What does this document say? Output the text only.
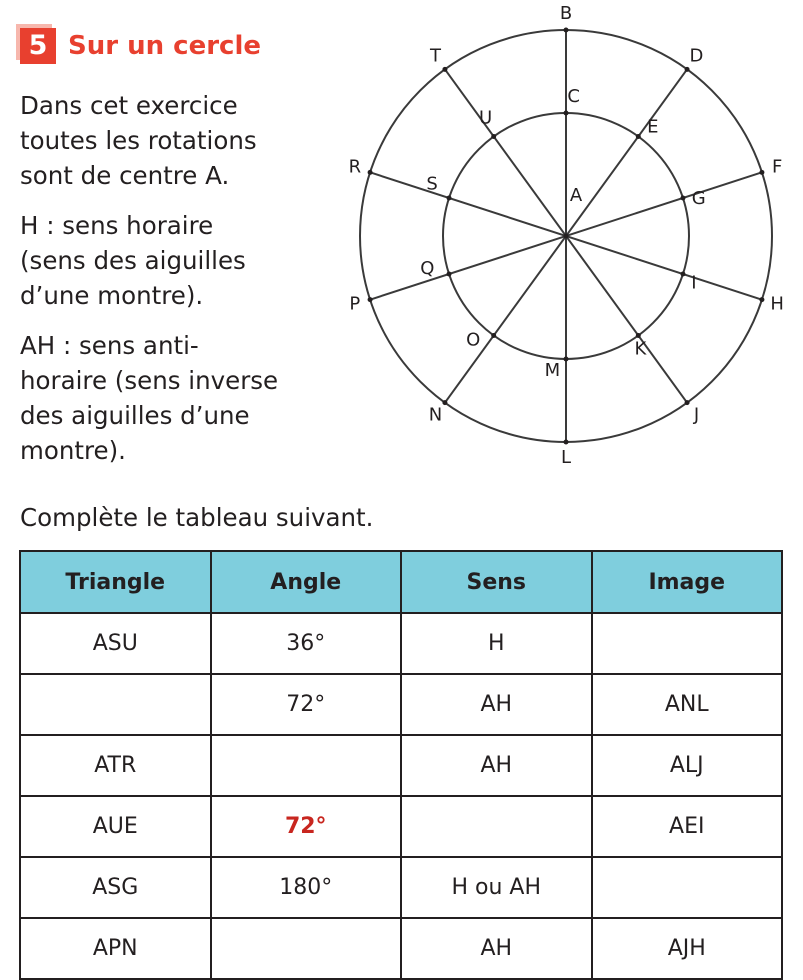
5 Sur un cercle
Dans cet exercice
toutes les rotations
sont de centre A.
H : sens horaire
(sens des aiguilles
d’une montre).
AH : sens anti-
horaire (sens inverse
des aiguilles d’une
montre).
B
D
F
H
J
L
N
P
R
T
C
E
G
I
K
M
O
Q
S
U
A
Complète le tableau suivant.
Triangle	Angle	Sens	Image
ASU	36°	H	
	72°	AH	ANL
ATR		AH	ALJ
AUE	72°		AEI
ASG	180°	H ou AH	
APN		AH	AJH
